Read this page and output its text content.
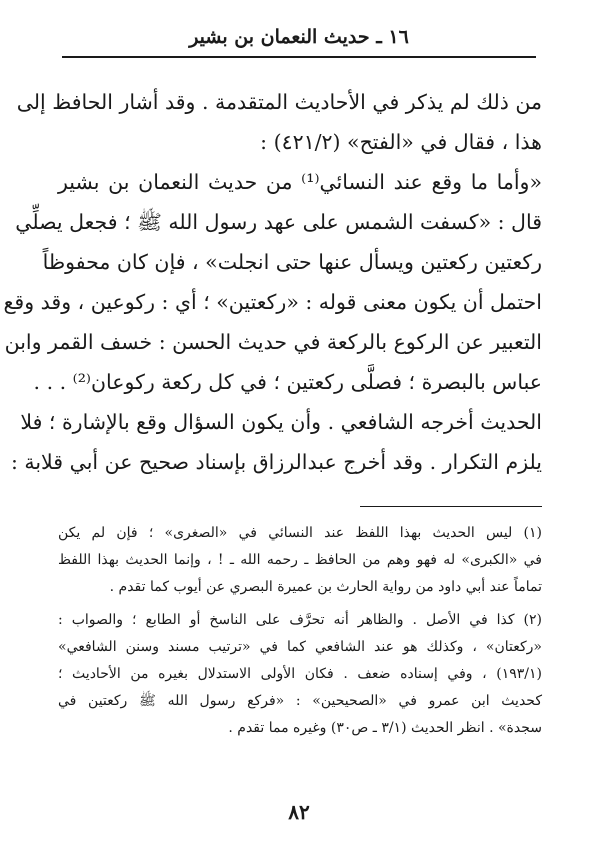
١٦ ـ حديث النعمان بن بشير
من ذلك لم يذكر في الأحاديث المتقدمة . وقد أشار الحافظ إلى
هذا ، فقال في «الفتح» (٤٢١/٢) :
«وأما ما وقع عند النسائي⁽¹⁾ من حديث النعمان بن بشير
قال : «كسفت الشمس على عهد رسول الله ﷺ ؛ فجعل يصلِّي
ركعتين ركعتين ويسأل عنها حتى انجلت» ، فإن كان محفوظاً
احتمل أن يكون معنى قوله : «ركعتين» ؛ أي : ركوعين ، وقد وقع
التعبير عن الركوع بالركعة في حديث الحسن : خسف القمر وابن
عباس بالبصرة ؛ فصلَّى ركعتين ؛ في كل ركعة ركوعان⁽²⁾ . . .
الحديث أخرجه الشافعي . وأن يكون السؤال وقع بالإشارة ؛ فلا
يلزم التكرار . وقد أخرج عبدالرزاق بإسناد صحيح عن أبي قلابة :
(١) ليس الحديث بهذا اللفظ عند النسائي في «الصغرى» ؛ فإن لم يكن
في «الكبرى» له فهو وهم من الحافظ ـ رحمه الله ـ ! ، وإنما الحديث بهذا اللفظ
تماماً عند أبي داود من رواية الحارث بن عميرة البصري عن أيوب كما تقدم .
(٢) كذا في الأصل . والظاهر أنه تحرَّف على الناسخ أو الطابع ؛ والصواب :
«ركعتان» ، وكذلك هو عند الشافعي كما في «ترتيب مسند وسنن الشافعي»
(١٩٣/١) ، وفي إسناده ضعف . فكان الأولى الاستدلال بغيره من الأحاديث ؛
كحديث ابن عمرو في «الصحيحين» : «فركع رسول الله ﷺ ركعتين في
سجدة» . انظر الحديث (٣/١ ـ ص٣٠) وغيره مما تقدم .
٨٢
